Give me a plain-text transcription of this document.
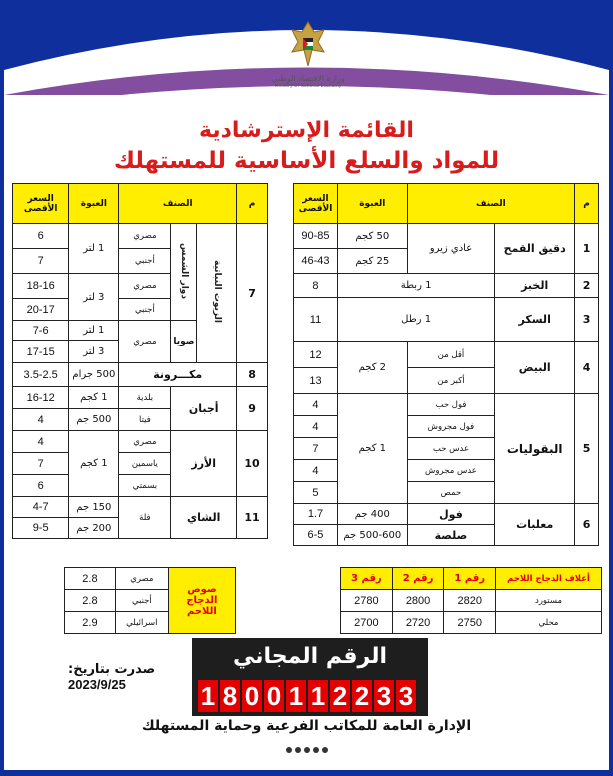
وزارة الاقتصاد الوطني
Ministry Of National Economy
القائمة الإسترشادية
للمواد والسلع الأساسية للمستهلك
م	الصنف		العبوة	السعر الأقصى
1	دقيق القمح	عادي زيرو	50 كجم	90-85
			25 كجم	46-43
2	الخبز	1 ربطة		8
3	السكر	1 رطل		11
4	البيض	أقل من	2 كجم	12
		أكبر من		13
5	البقوليات	فول حب	1 كجم	4
		فول مجروش		4
		عدس حب		7
		عدس مجروش		4
		حمص		5
6	معلبات	فول	400 جم	1.7
		صلصة	500-600 جم	6-5
م	الصنف			العبوة	السعر الأقصى
7	الزيوت النباتية	دوار الشمس	مصري	1 لتر	6
			أجنبي		7
			مصري	3 لتر	18-16
			أجنبي		20-17
		صويا	مصري	1 لتر	7-6
				3 لتر	17-15
8	مكـــرونة			500 جرام	3.5-2.5
9	أجبان		بلدية	1 كجم	16-12
			فيتا	500 جم	4
10	الأرز		مصري	1 كجم	4
			ياسمين		7
			بسمتي		6
11	الشاي		فلة	150 جم	4-7
				200 جم	9-5
أعلاف الدجاج اللاحم	رقم 1	رقم 2	رقم 3
مستورد	2820	2800	2780
محلي	2750	2720	2700
صوص الدجاج اللاحم	مصري	2.8
	أجنبي	2.8
	اسرائيلي	2.9
صدرت بتاريخ:
2023/9/25
الرقم المجاني
1 8 0 0 1 1 2 2 3 3
الإدارة العامة للمكاتب الفرعية وحماية المستهلك
